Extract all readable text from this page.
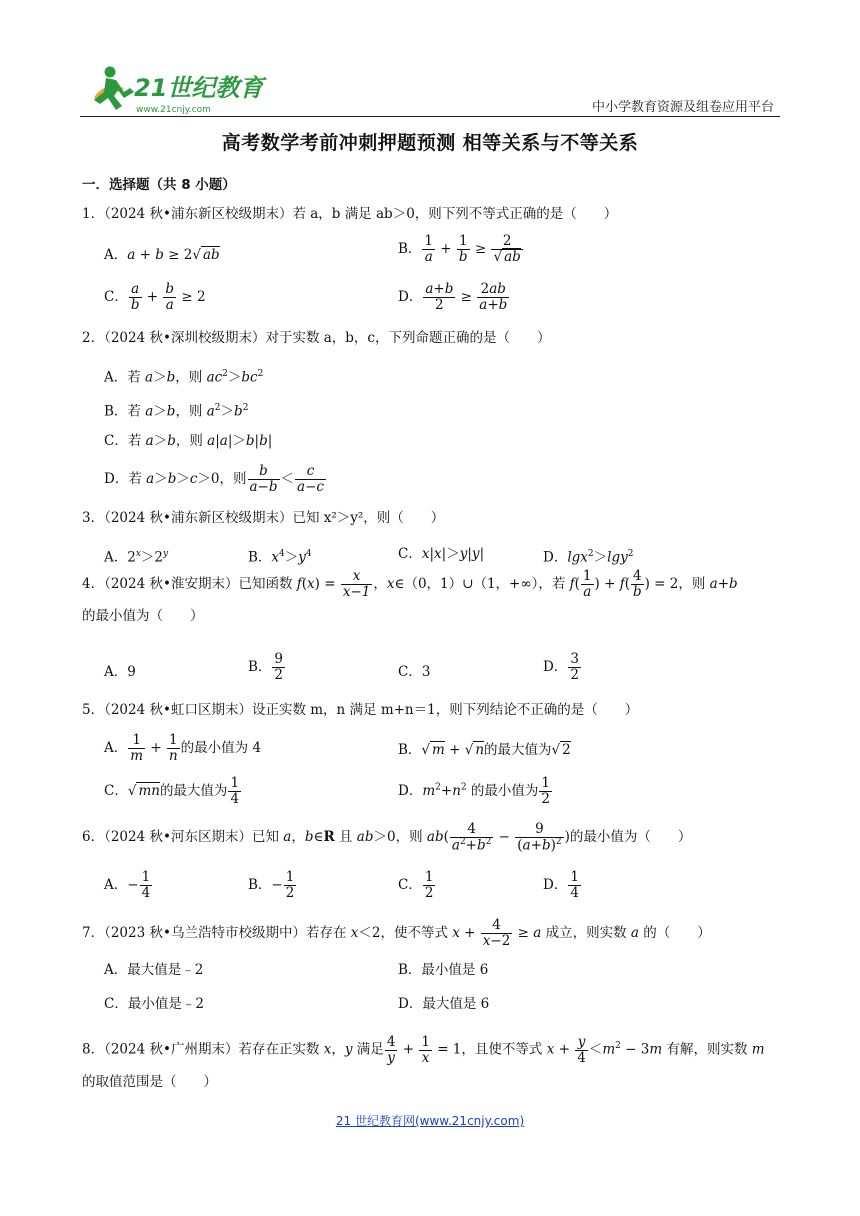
21世纪教育
www.21cnjy.com	中小学教育资源及组卷应用平台
高考数学考前冲刺押题预测 相等关系与不等关系
一．选择题（共 8 小题）
1．（2024 秋•浦东新区校级期末）若 a，b 满足 ab＞0，则下列不等式正确的是（　　）
A．a + b ≥ 2√ ab	B． $\frac{1}{a} + \frac{1}{b} \ge \frac{2}{√ ab}$
C． $\frac{a}{b} + \frac{b}{a} \ge 2$	D． $\frac{a+b}{2} \ge \frac{2ab}{a+b}$
2．（2024 秋•深圳校级期末）对于实数 a，b，c，下列命题正确的是（　　）
A．若 a＞b，则 $ac^2>bc^2$
B．若 a＞b，则 $a^2>b^2$
C．若 a＞b，则 a|a|＞b|b|
D．若 a＞b＞c＞0，则 $\frac{b}{a-b} < \frac{c}{a-c}$
3．（2024 秋•浦东新区校级期末）已知 x²＞y²，则（　　）
A．$2^x>2^y$	B．$x^4>y^4$	C．x|x|＞y|y|	D．lgx$^2$＞lgy$^2$
4．（2024 秋•淮安期末）已知函数 $f(x) = \frac{x}{x-1}$ ，x∈（0，1）∪（1，+∞），若 $f( \frac{1}{a}$ ) + $f( \frac{4}{b}$ ) = 2，则 a+b
的最小值为（　　）
A．9	B． $\frac{9}{2}$	C．3	D． $\frac{3}{2}$
5．（2024 秋•虹口区期末）设正实数 m，n 满足 m+n＝1，则下列结论不正确的是（　　）
A． $\frac{1}{m} + \frac{1}{n}$ 的最小值为 4	B．√ m + √ n的最大值为√ 2
C．√ mn的最大值为 $\frac{1}{4}$	D．$m^2+n^2$ 的最小值为 $\frac{1}{2}$
6．（2024 秋•河东区期末）已知 a，b∈R 且 ab＞0，则 $ab( \frac{4}{a^2+b^2} - \frac{9}{(a+b)^2}$ )的最小值为（　　）
A．− $\frac{1}{4}$	B．− $\frac{1}{2}$	C． $\frac{1}{2}$	D． $\frac{1}{4}$
7．（2023 秋•乌兰浩特市校级期中）若存在 x＜2，使不等式 $x + \frac{4}{x-2} \ge a$ 成立，则实数 a 的（　　）
A．最大值是﹣2	B．最小值是 6
C．最小值是﹣2	D．最大值是 6
8．（2024 秋•广州期末）若存在正实数 x，y 满足 $\frac{4}{y} + \frac{1}{x} = 1$，且使不等式 $x + \frac{y}{4} <m^2 - 3m$ 有解，则实数 m
的取值范围是（　　）
21 世纪教育网(www.21cnjy.com)
